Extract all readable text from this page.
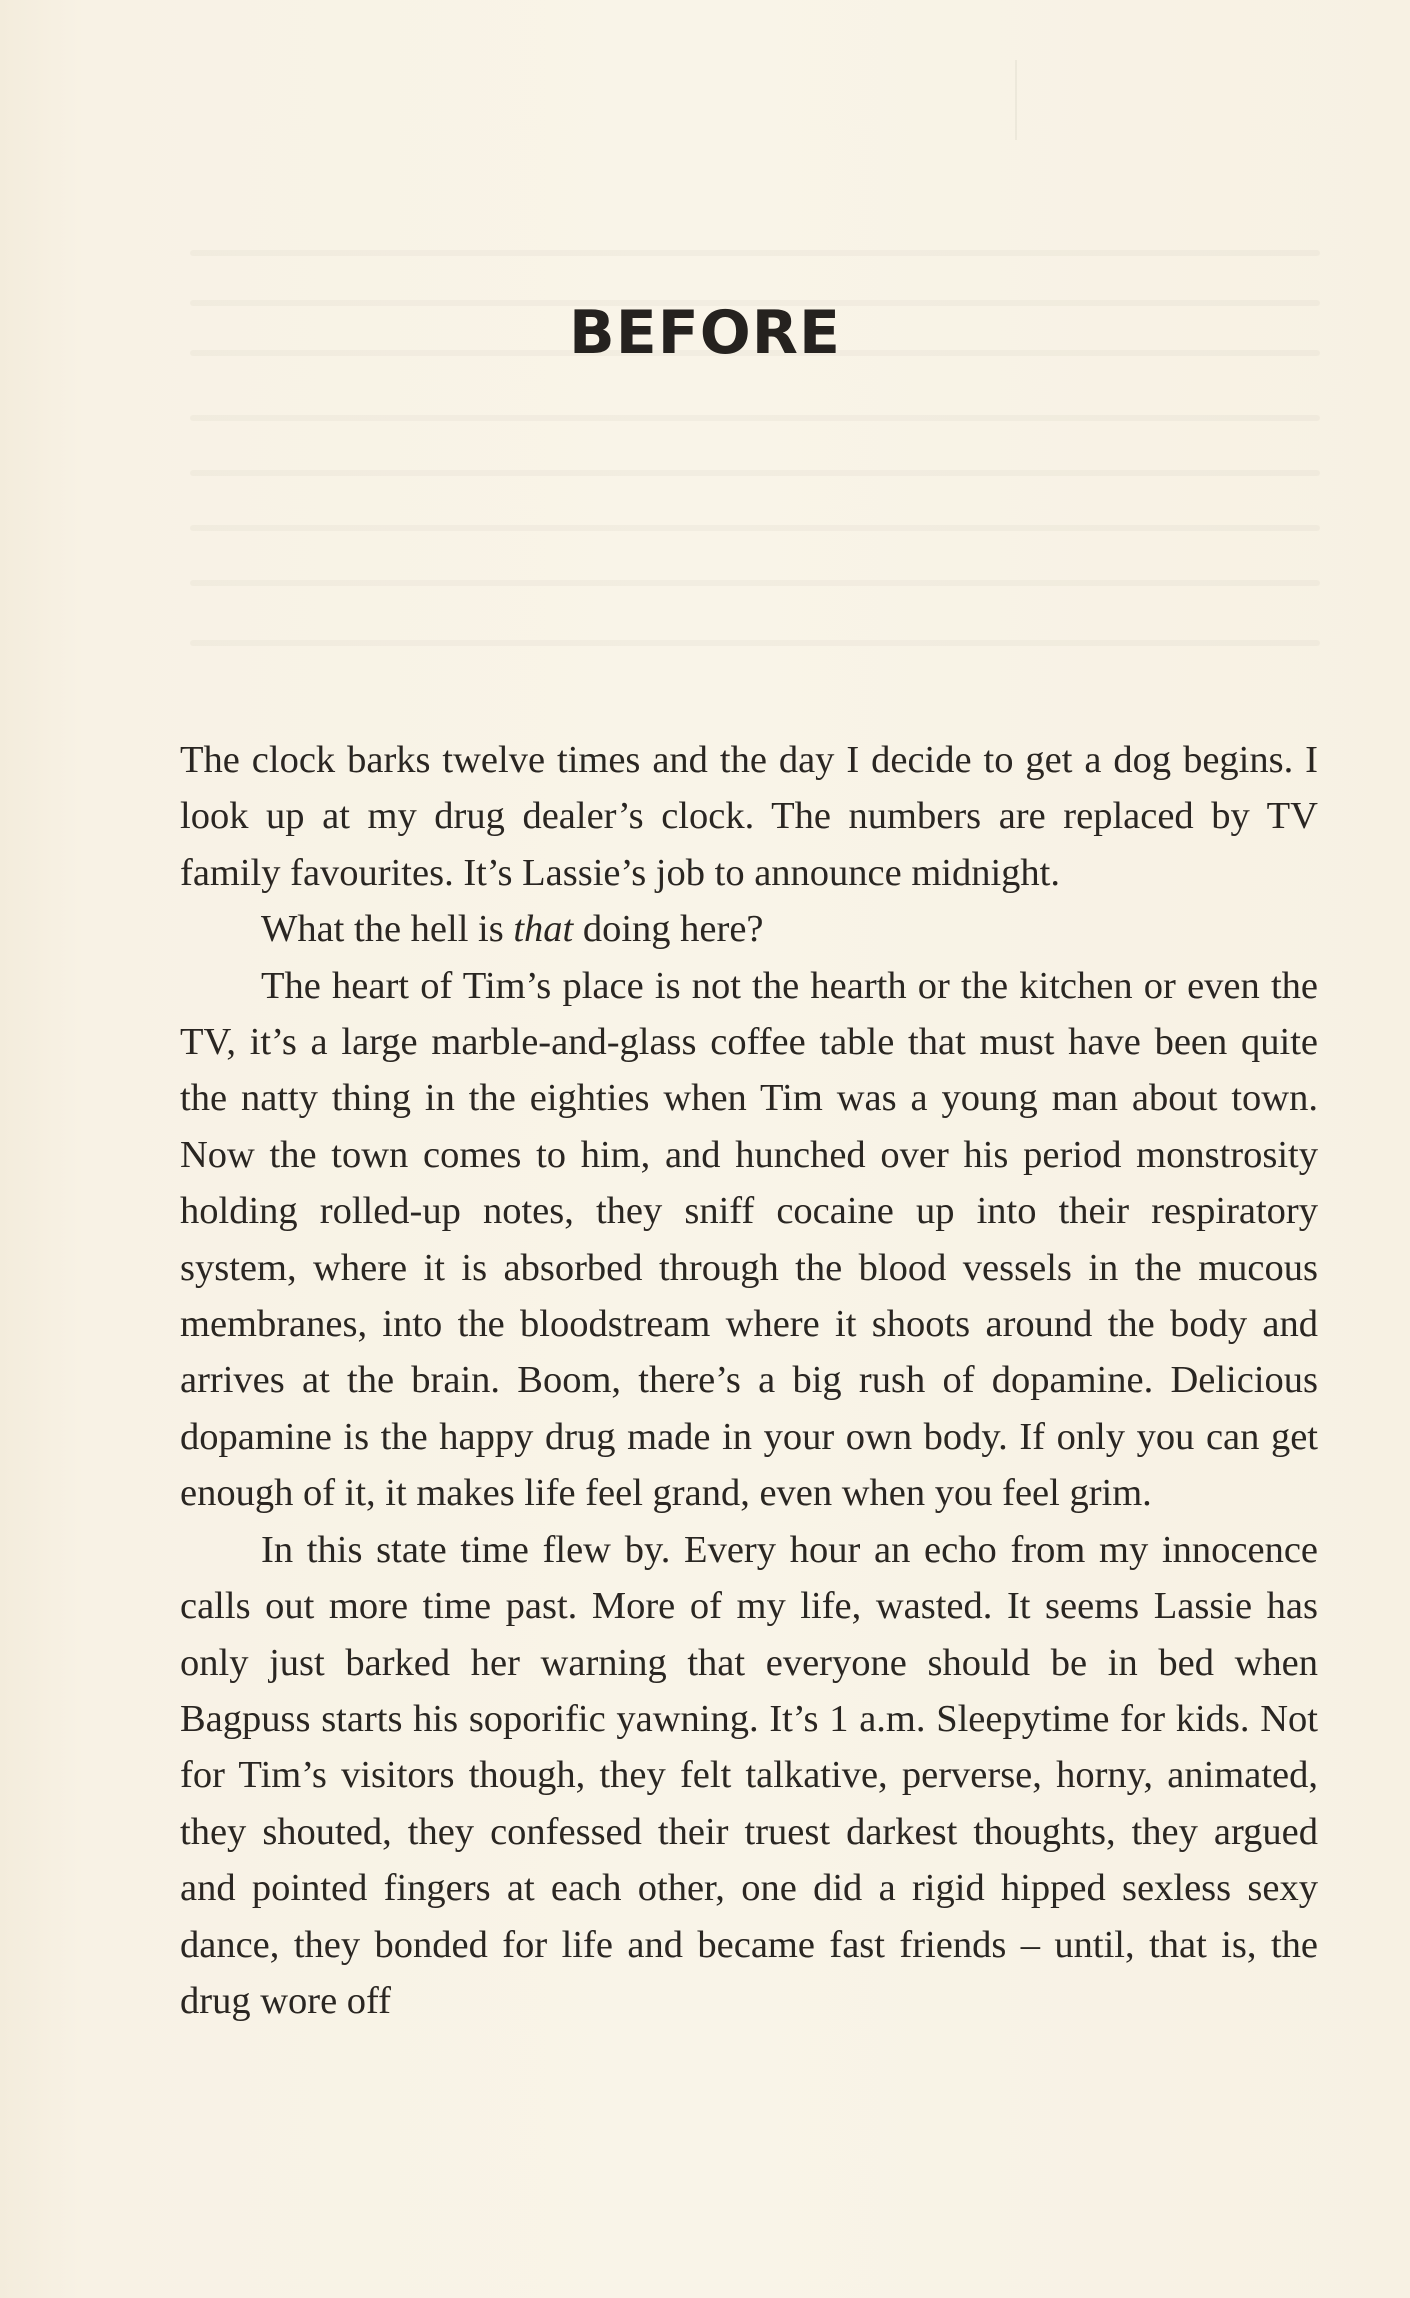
BEFORE

The clock barks twelve times and the day I decide to get a dog begins. I look up at my drug dealer’s clock. The numbers are replaced by TV family favourites. It’s Lassie’s job to announce midnight.

What the hell is that doing here?

The heart of Tim’s place is not the hearth or the kitchen or even the TV, it’s a large marble-and-glass coffee table that must have been quite the natty thing in the eighties when Tim was a young man about town. Now the town comes to him, and hunched over his period monstrosity holding rolled-up notes, they sniff cocaine up into their respiratory system, where it is absorbed through the blood vessels in the mucous membranes, into the bloodstream where it shoots around the body and arrives at the brain. Boom, there’s a big rush of dopamine. Delicious dopamine is the happy drug made in your own body. If only you can get enough of it, it makes life feel grand, even when you feel grim.

In this state time flew by. Every hour an echo from my innocence calls out more time past. More of my life, wasted. It seems Lassie has only just barked her warning that everyone should be in bed when Bagpuss starts his soporific yawning. It’s 1 a.m. Sleepytime for kids. Not for Tim’s visitors though, they felt talkative, perverse, horny, animated, they shouted, they confessed their truest darkest thoughts, they argued and pointed fingers at each other, one did a rigid hipped sexless sexy dance, they bonded for life and became fast friends – until, that is, the drug wore off
